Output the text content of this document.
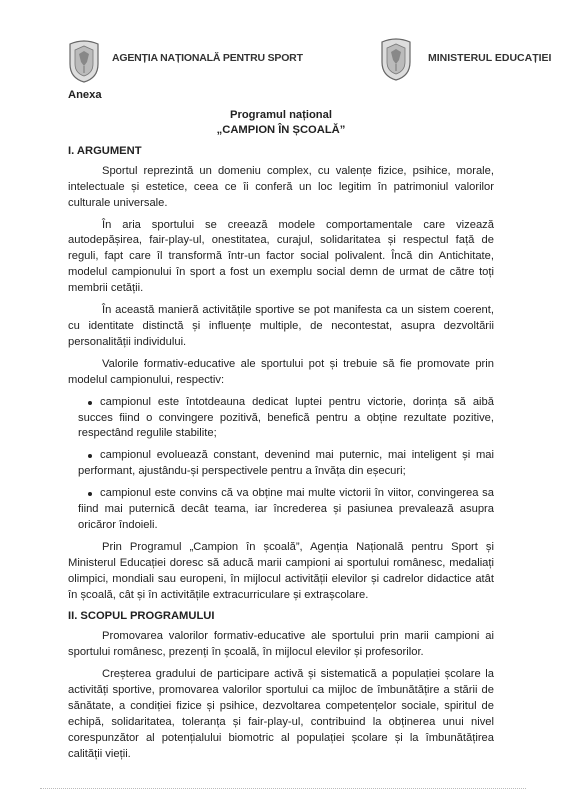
AGENȚIA NAȚIONALĂ PENTRU SPORT	MINISTERUL EDUCAȚIEI

Anexa

Programul național

„CAMPION ÎN ȘCOALĂ”

I. ARGUMENT

Sportul reprezintă un domeniu complex, cu valențe fizice, psihice, morale, intelectuale și estetice, ceea ce îi conferă un loc legitim în patrimoniul valorilor culturale universale.

În aria sportului se creează modele comportamentale care vizează autodepășirea, fair-play-ul, onestitatea, curajul, solidaritatea și respectul față de reguli, fapt care îl transformă într-un factor social polivalent. Încă din Antichitate, modelul campionului în sport a fost un exemplu social demn de urmat de către toți membrii cetății.

În această manieră activitățile sportive se pot manifesta ca un sistem coerent, cu identitate distinctă și influențe multiple, de necontestat, asupra dezvoltării personalității individului.

Valorile formativ-educative ale sportului pot și trebuie să fie promovate prin modelul campionului, respectiv:

campionul este întotdeauna dedicat luptei pentru victorie, dorința să aibă succes fiind o convingere pozitivă, benefică pentru a obține rezultate pozitive, respectând regulile stabilite;
campionul evoluează constant, devenind mai puternic, mai inteligent și mai performant, ajustându-și perspectivele pentru a învăța din eșecuri;
campionul este convins că va obține mai multe victorii în viitor, convingerea sa fiind mai puternică decât teama, iar încrederea și pasiunea prevalează asupra oricăror îndoieli.

Prin Programul „Campion în școală”, Agenția Națională pentru Sport și Ministerul Educației doresc să aducă marii campioni ai sportului românesc, medaliați olimpici, mondiali sau europeni, în mijlocul activității elevilor și cadrelor didactice atât în școală, cât și în activitățile extracurriculare și extrașcolare.

II. SCOPUL PROGRAMULUI

Promovarea valorilor formativ-educative ale sportului prin marii campioni ai sportului românesc, prezenți în școală, în mijlocul elevilor și profesorilor.

Creșterea gradului de participare activă și sistematică a populației școlare la activități sportive, promovarea valorilor sportului ca mijloc de îmbunătățire a stării de sănătate, a condiției fizice și psihice, dezvoltarea competențelor sociale, spiritul de echipă, solidaritatea, toleranța și fair-play-ul, contribuind la obținerea unui nivel corespunzător al potențialului biomotric al populației școlare și la îmbunătățirea calității vieții.
